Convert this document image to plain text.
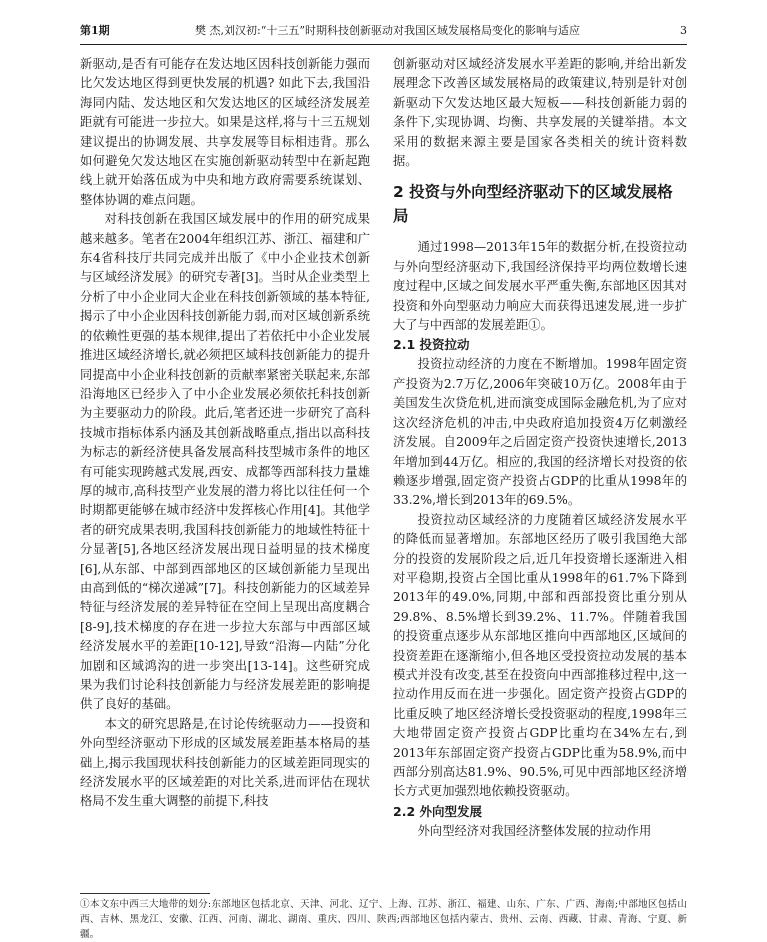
第1期	樊 杰,刘汉初:“十三五”时期科技创新驱动对我国区域发展格局变化的影响与适应	3

新驱动,是否有可能存在发达地区因科技创新能力强而比欠发达地区得到更快发展的机遇? 如此下去,我国沿海同内陆、发达地区和欠发达地区的区域经济发展差距就有可能进一步拉大。如果是这样,将与十三五规划建议提出的协调发展、共享发展等目标相违背。那么如何避免欠发达地区在实施创新驱动转型中在新起跑线上就开始落伍成为中央和地方政府需要系统谋划、整体协调的难点问题。

对科技创新在我国区域发展中的作用的研究成果越来越多。笔者在2004年组织江苏、浙江、福建和广东4省科技厅共同完成并出版了《中小企业技术创新与区域经济发展》的研究专著[3]。当时从企业类型上分析了中小企业同大企业在科技创新领域的基本特征,揭示了中小企业因科技创新能力弱,而对区域创新系统的依赖性更强的基本规律,提出了若依托中小企业发展推进区域经济增长,就必须把区域科技创新能力的提升同提高中小企业科技创新的贡献率紧密关联起来,东部沿海地区已经步入了中小企业发展必须依托科技创新为主要驱动力的阶段。此后,笔者还进一步研究了高科技城市指标体系内涵及其创新战略重点,指出以高科技为标志的新经济使具备发展高科技型城市条件的地区有可能实现跨越式发展,西安、成都等西部科技力量雄厚的城市,高科技型产业发展的潜力将比以往任何一个时期都更能够在城市经济中发挥核心作用[4]。其他学者的研究成果表明,我国科技创新能力的地域性特征十分显著[5],各地区经济发展出现日益明显的技术梯度[6],从东部、中部到西部地区的区域创新能力呈现出由高到低的“梯次递减”[7]。科技创新能力的区域差异特征与经济发展的差异特征在空间上呈现出高度耦合[8-9],技术梯度的存在进一步拉大东部与中西部区域经济发展水平的差距[10-12],导致“沿海—内陆”分化加剧和区域鸿沟的进一步突出[13-14]。这些研究成果为我们讨论科技创新能力与经济发展差距的影响提供了良好的基础。

本文的研究思路是,在讨论传统驱动力——投资和外向型经济驱动下形成的区域发展差距基本格局的基础上,揭示我国现状科技创新能力的区域差距同现实的经济发展水平的区域差距的对比关系,进而评估在现状格局不发生重大调整的前提下,科技

创新驱动对区域经济发展水平差距的影响,并给出新发展理念下改善区域发展格局的政策建议,特别是针对创新驱动下欠发达地区最大短板——科技创新能力弱的条件下,实现协调、均衡、共享发展的关键举措。本文采用的数据来源主要是国家各类相关的统计资料数据。

2 投资与外向型经济驱动下的区域发展格局

通过1998—2013年15年的数据分析,在投资拉动与外向型经济驱动下,我国经济保持平均两位数增长速度过程中,区域之间发展水平严重失衡,东部地区因其对投资和外向型驱动力响应大而获得迅速发展,进一步扩大了与中西部的发展差距①。

2.1 投资拉动

投资拉动经济的力度在不断增加。1998年固定资产投资为2.7万亿,2006年突破10万亿。2008年由于美国发生次贷危机,进而演变成国际金融危机,为了应对这次经济危机的冲击,中央政府追加投资4万亿刺激经济发展。自2009年之后固定资产投资快速增长,2013年增加到44万亿。相应的,我国的经济增长对投资的依赖逐步增强,固定资产投资占GDP的比重从1998年的33.2%,增长到2013年的69.5%。

投资拉动区域经济的力度随着区域经济发展水平的降低而显著增加。东部地区经历了吸引我国绝大部分的投资的发展阶段之后,近几年投资增长逐渐进入相对平稳期,投资占全国比重从1998年的61.7%下降到2013年的49.0%,同期,中部和西部投资比重分别从29.8%、8.5%增长到39.2%、11.7%。伴随着我国的投资重点逐步从东部地区推向中西部地区,区域间的投资差距在逐渐缩小,但各地区受投资拉动发展的基本模式并没有改变,甚至在投资向中西部推移过程中,这一拉动作用反而在进一步强化。固定资产投资占GDP的比重反映了地区经济增长受投资驱动的程度,1998年三大地带固定资产投资占GDP比重均在34%左右,到2013年东部固定资产投资占GDP比重为58.9%,而中西部分别高达81.9%、90.5%,可见中西部地区经济增长方式更加强烈地依赖投资驱动。

2.2 外向型发展

外向型经济对我国经济整体发展的拉动作用

①本文东中西三大地带的划分:东部地区包括北京、天津、河北、辽宁、上海、江苏、浙江、福建、山东、广东、广西、海南;中部地区包括山西、吉林、黑龙江、安徽、江西、河南、湖北、湖南、重庆、四川、陕西;西部地区包括内蒙古、贵州、云南、西藏、甘肃、青海、宁夏、新疆。
